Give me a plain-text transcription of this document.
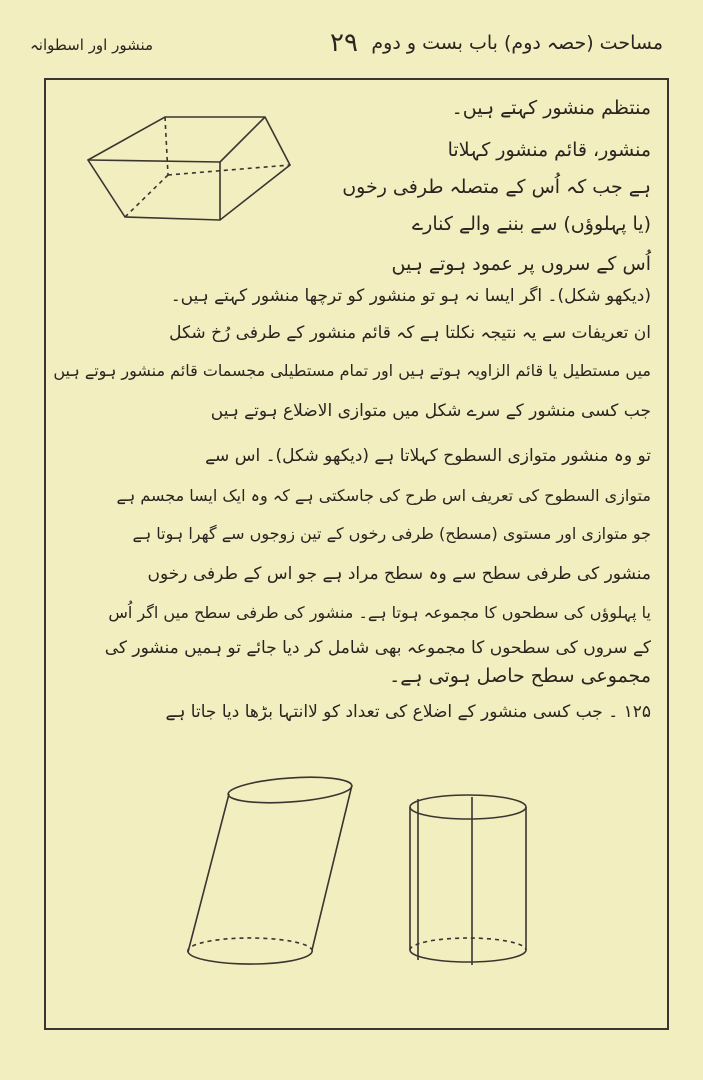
منشور اور اسطوانہ	۲۹ مساحت (حصہ دوم) باب بست و دوم
منتظم منشور کہتے ہیں۔
منشور، قائم منشور کہلاتا
ہے جب کہ اُس کے متصلہ طرفی رخوں
(یا پہلوؤں) سے بننے والے کنارے
اُس کے سروں پر عمود ہوتے ہیں
(دیکھو شکل)۔ اگر ایسا نہ ہو تو منشور کو ترچھا منشور کہتے ہیں۔
ان تعریفات سے یہ نتیجہ نکلتا ہے کہ قائم منشور کے طرفی رُخ شکل
میں مستطیل یا قائم الزاویہ ہوتے ہیں اور تمام مستطیلی مجسمات قائم منشور ہوتے ہیں
جب کسی منشور کے سرے شکل میں متوازی الاضلاع ہوتے ہیں
تو وہ منشور متوازی السطوح کہلاتا ہے (دیکھو شکل)۔ اس سے
متوازی السطوح کی تعریف اس طرح کی جاسکتی ہے کہ وہ ایک ایسا مجسم ہے
جو متوازی اور مستوی (مسطح) طرفی رخوں کے تین زوجوں سے گھرا ہوتا ہے
منشور کی طرفی سطح سے وہ سطح مراد ہے جو اس کے طرفی رخوں
یا پہلوؤں کی سطحوں کا مجموعہ ہوتا ہے۔ منشور کی طرفی سطح میں اگر اُس
کے سروں کی سطحوں کا مجموعہ بھی شامل کر دیا جائے تو ہمیں منشور کی
مجموعی سطح حاصل ہوتی ہے۔
۱۲۵ ۔ جب کسی منشور کے اضلاع کی تعداد کو لاانتہا بڑھا دیا جاتا ہے
